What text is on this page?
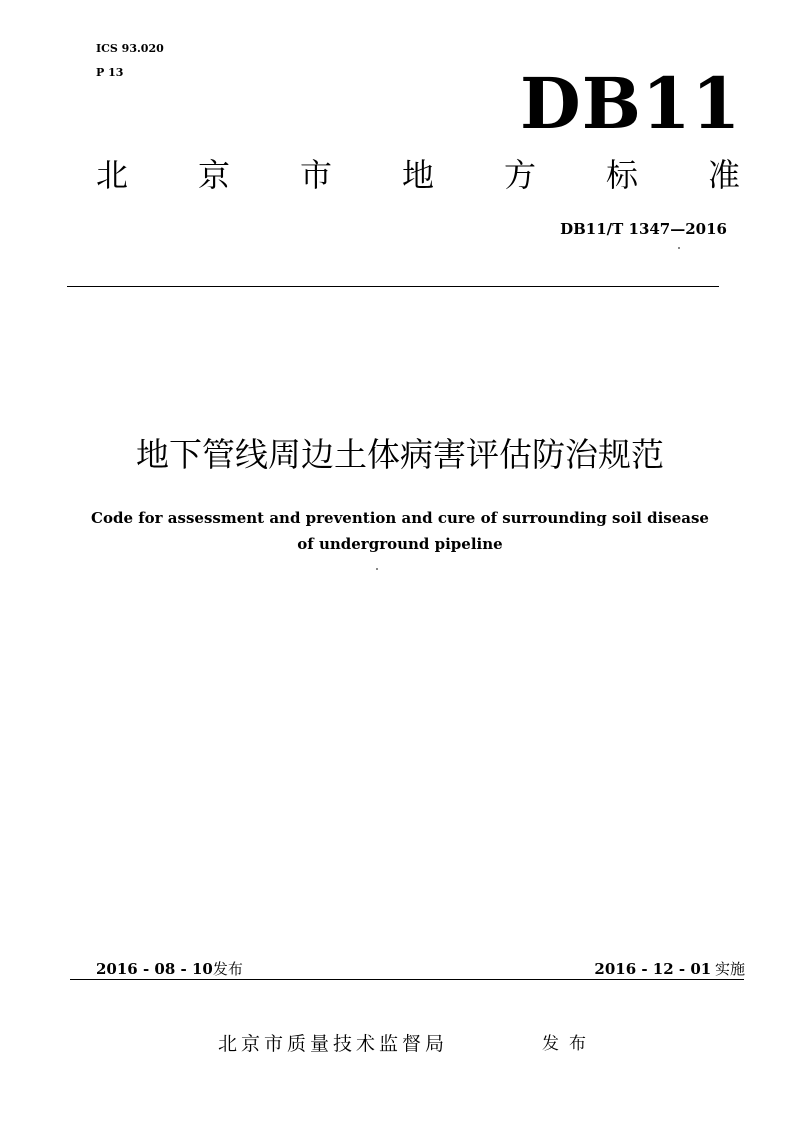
ICS 93.020
P 13	DB11
北 京 市 地 方 标 准
DB11/T 1347—2016
地下管线周边土体病害评估防治规范
Code for assessment and prevention and cure of surrounding soil disease
of underground pipeline
2016 - 08 - 10发布	2016 - 12 - 01 实施
北京市质量技术监督局	发布
